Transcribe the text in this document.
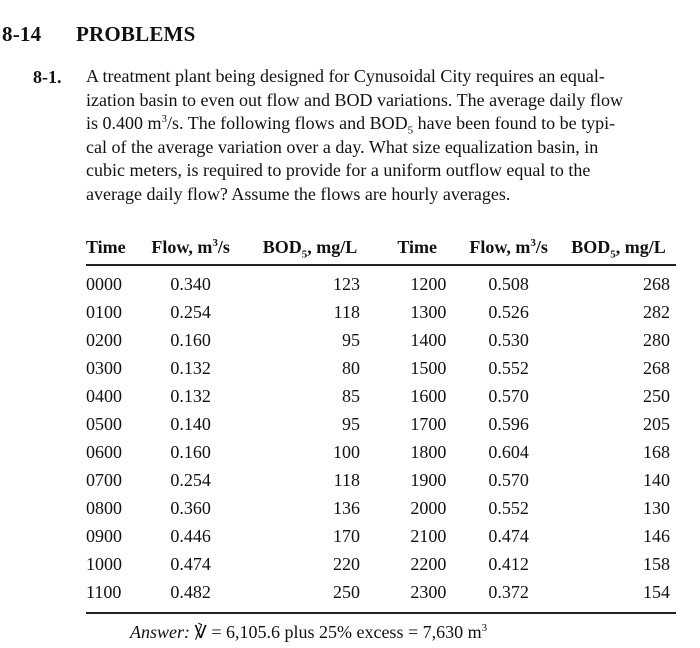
8-14 PROBLEMS
8-1. A treatment plant being designed for Cynusoidal City requires an equal-
ization basin to even out flow and BOD variations. The average daily flow
is 0.400 $m^3/s$. The following flows and $BOD_5$ have been found to be typi-
cal of the average variation over a day. What size equalization basin, in
cubic meters, is required to provide for a uniform outflow equal to the
average daily flow? Assume the flows are hourly averages.

Time	Flow, $m^3/s$	$BOD_5$, mg/L	Time	Flow, $m^3/s$	$BOD_5$, mg/L
0000	0.340	123	1200	0.508	268
0100	0.254	118	1300	0.526	282
0200	0.160	95	1400	0.530	280
0300	0.132	80	1500	0.552	268
0400	0.132	85	1600	0.570	250
0500	0.140	95	1700	0.596	205
0600	0.160	100	1800	0.604	168
0700	0.254	118	1900	0.570	140
0800	0.360	136	2000	0.552	130
0900	0.446	170	2100	0.474	146
1000	0.474	220	2200	0.412	158
1100	0.482	250	2300	0.372	154
Answer: ℣ = 6,105.6 plus 25% excess = 7,630 $m^3$
